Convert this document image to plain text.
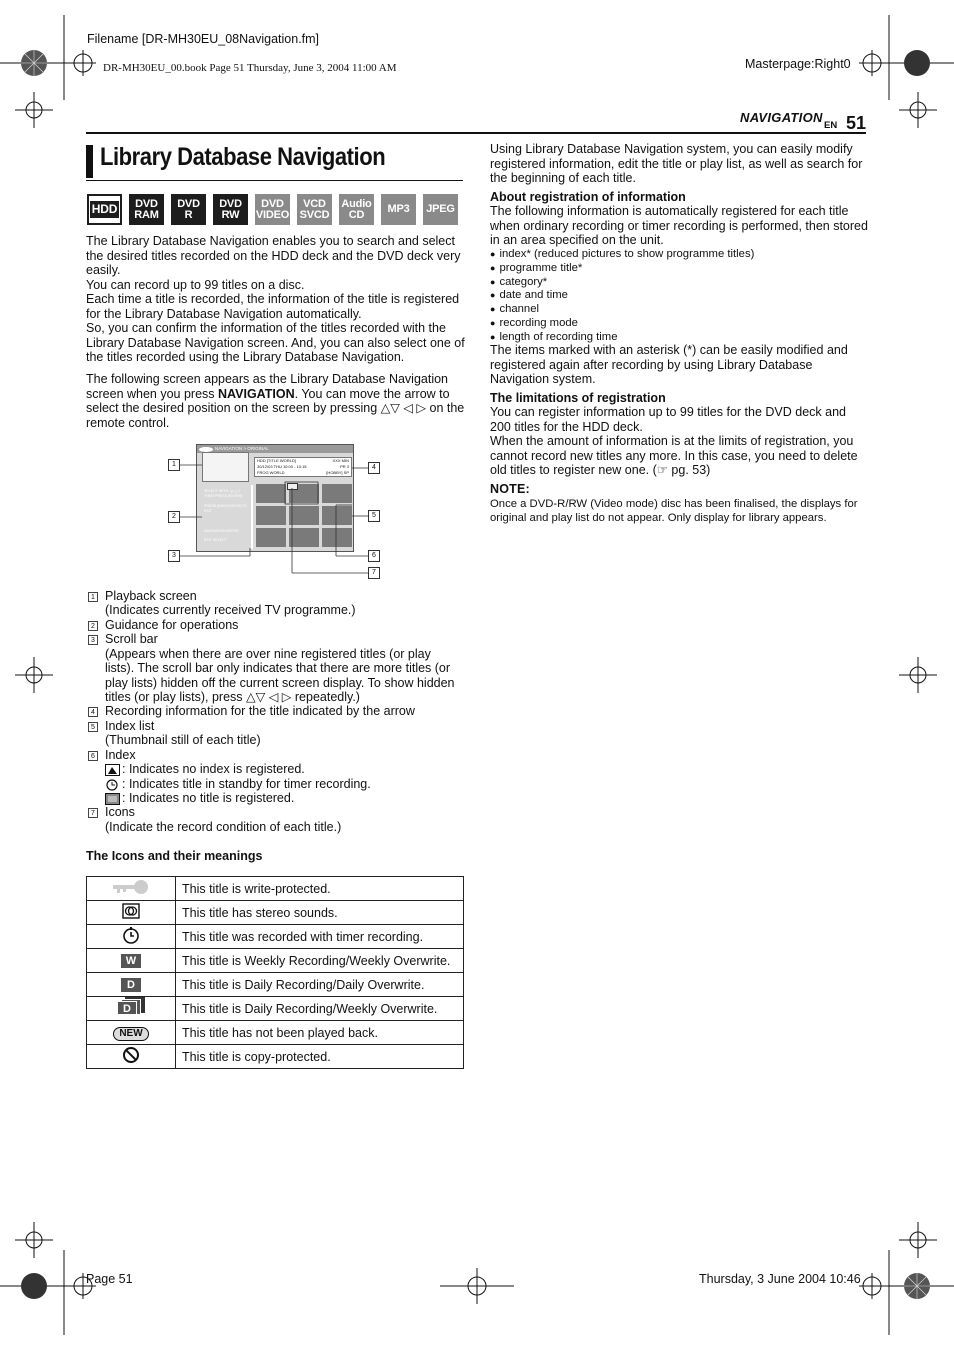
Filename [DR-MH30EU_08Navigation.fm]
DR-MH30EU_00.book Page 51 Thursday, June 3, 2004 11:00 AM	Masterpage:Right0
NAVIGATION
EN 51
Library Database Navigation
HDD	DVD
RAM
DVD
R
DVD
RW
DVD
VIDEO
VCD
SVCD
Audio
CD	MP3	JPEG

The Library Database Navigation enables you to search and select the desired titles recorded on the HDD deck and the DVD deck very easily.

You can record up to 99 titles on a disc.

Each time a title is recorded, the information of the title is registered for the Library Database Navigation automatically.

So, you can confirm the information of the titles recorded with the Library Database Navigation screen. And, you can also select one of the titles recorded using the Library Database Navigation.

The following screen appears as the Library Database Navigation screen when you press NAVIGATION. You can move the arrow to select the desired position on the screen by pressing △▽ ◁ ▷ on the remote control.
NAVIGATION > ORIGINAL
HDD [TITLE WORLD]	XXX MIN
30/12/03 THU 10:00 - 10:15	PR 3
FROG WORLD	[HOBBY] SP
SELECT WITH ◁▷△▽ THEN PRESS [ENTER]
PRESS [NAVIGATION] TO EXIT
NAVIGATION ENTER
EXIT SELECT
1
2
3
4
5
6
7
1 Playback screen
(Indicates currently received TV programme.)
2 Guidance for operations
3 Scroll bar
(Appears when there are over nine registered titles (or play
lists). The scroll bar only indicates that there are more titles (or
play lists) hidden off the current screen display. To show hidden
titles (or play lists), press △▽ ◁ ▷ repeatedly.)
4 Recording information for the title indicated by the arrow
5 Index list
(Thumbnail still of each title)
6 Index
: Indicates no index is registered.
: Indicates title in standby for timer recording.
: Indicates no title is registered.
7 Icons
(Indicate the record condition of each title.)
The Icons and their meanings
	This title is write-protected.
	This title has stereo sounds.
	This title was recorded with timer recording.
W	This title is Weekly Recording/Weekly Overwrite.
D	This title is Daily Recording/Daily Overwrite.

D	This title is Daily Recording/Weekly Overwrite.
NEW	This title has not been played back.
	This title is copy-protected.
Using Library Database Navigation system, you can easily modify registered information, edit the title or play list, as well as search for the beginning of each title.
About registration of information
The following information is automatically registered for each title when ordinary recording or timer recording is performed, then stored in an area specified on the unit.
● index* (reduced pictures to show programme titles)
● programme title*
● category*
● date and time
● channel
● recording mode
● length of recording time
The items marked with an asterisk (*) can be easily modified and registered again after recording by using Library Database Navigation system.
The limitations of registration
You can register information up to 99 titles for the DVD deck and 200 titles for the HDD deck.
When the amount of information is at the limits of registration, you cannot record new titles any more. In this case, you need to delete old titles to register new one. (☞ pg. 53)
NOTE:
Once a DVD-R/RW (Video mode) disc has been finalised, the displays for original and play list do not appear. Only display for library appears.
Page 51	Thursday, 3 June 2004 10:46
